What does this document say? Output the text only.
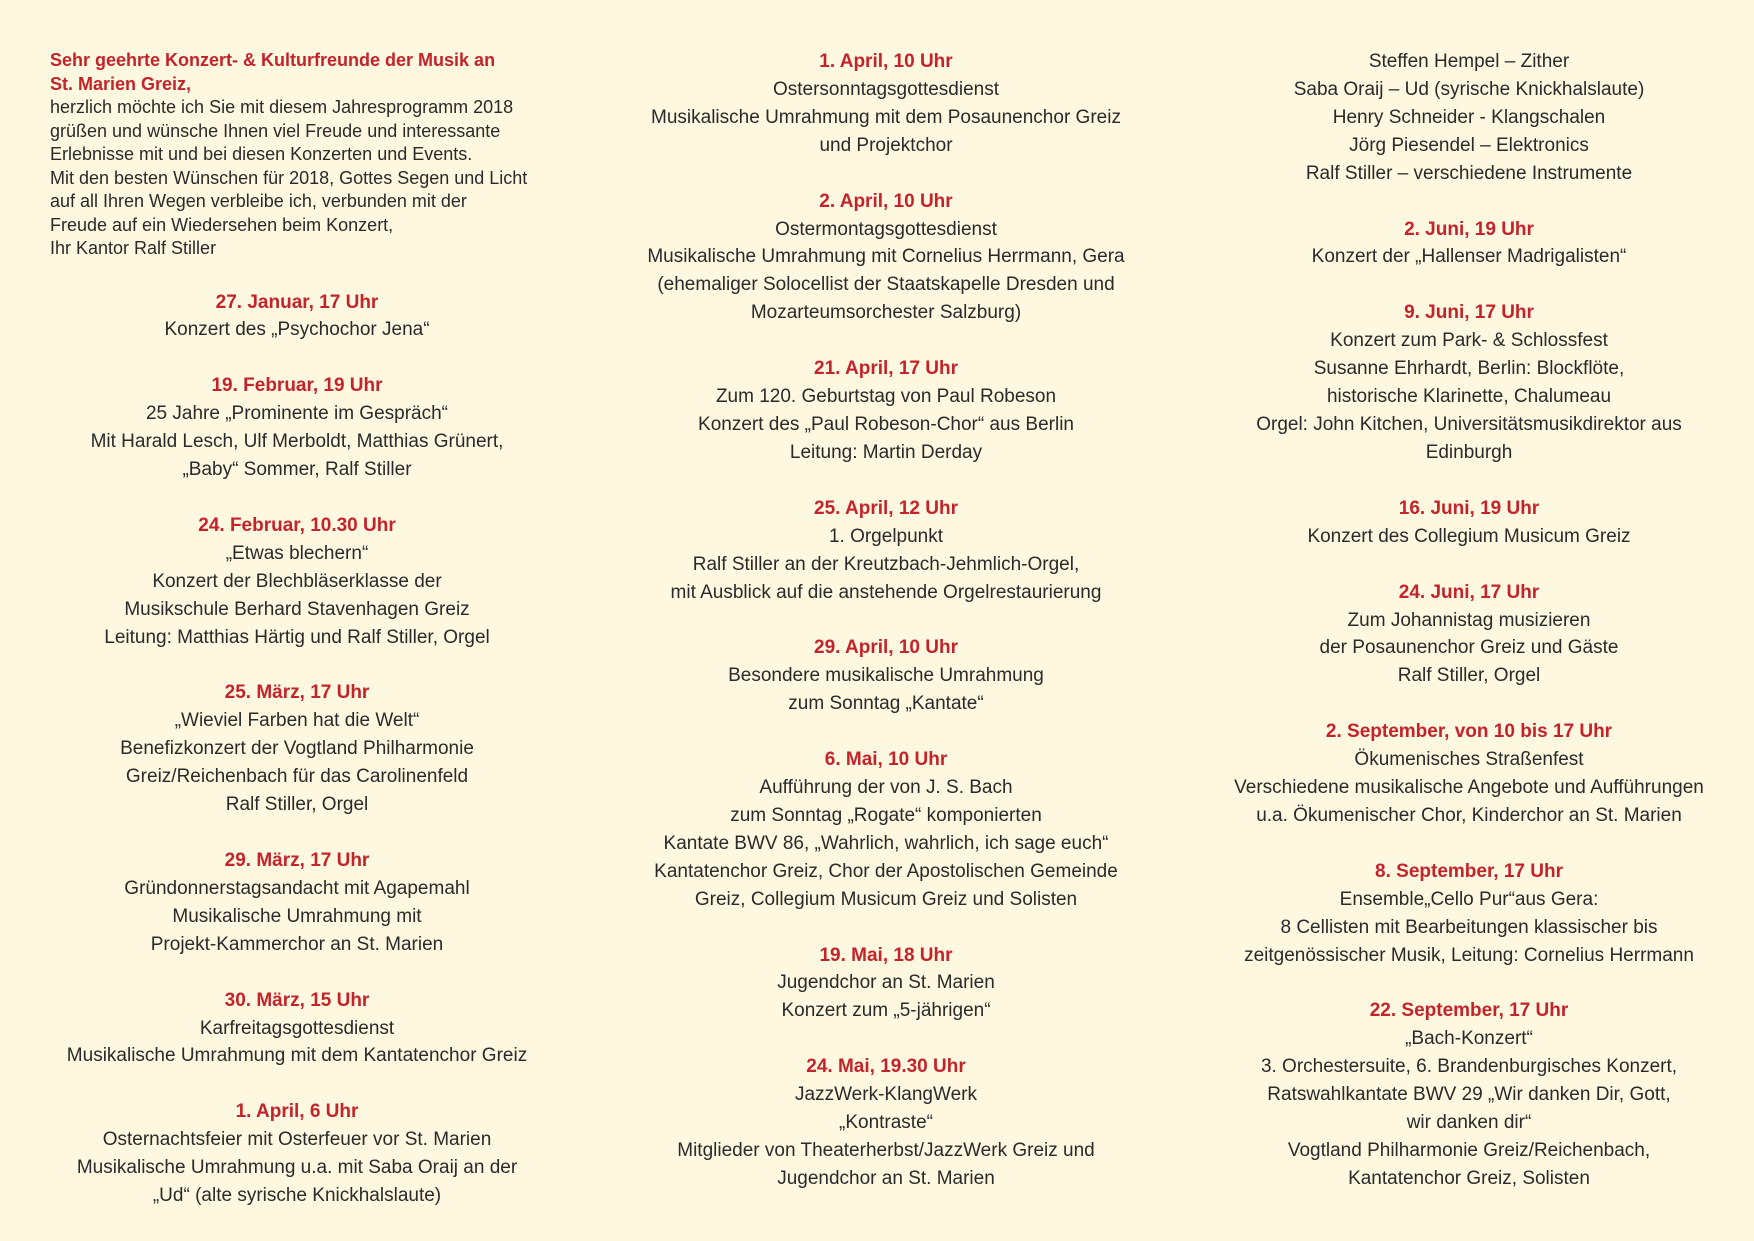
Sehr geehrte Konzert- & Kulturfreunde der Musik an
St. Marien Greiz,
herzlich möchte ich Sie mit diesem Jahresprogramm 2018
grüßen und wünsche Ihnen viel Freude und interessante
Erlebnisse mit und bei diesen Konzerten und Events.
Mit den besten Wünschen für 2018, Gottes Segen und Licht
auf all Ihren Wegen verbleibe ich, verbunden mit der
Freude auf ein Wiedersehen beim Konzert,
Ihr Kantor Ralf Stiller
27. Januar, 17 Uhr
Konzert des „Psychochor Jena“
19. Februar, 19 Uhr
25 Jahre „Prominente im Gespräch“
Mit Harald Lesch, Ulf Merboldt, Matthias Grünert,
„Baby“ Sommer, Ralf Stiller
24. Februar, 10.30 Uhr
„Etwas blechern“
Konzert der Blechbläserklasse der
Musikschule Berhard Stavenhagen Greiz
Leitung: Matthias Härtig und Ralf Stiller, Orgel
25. März, 17 Uhr
„Wieviel Farben hat die Welt“
Benefizkonzert der Vogtland Philharmonie
Greiz/Reichenbach für das Carolinenfeld
Ralf Stiller, Orgel
29. März, 17 Uhr
Gründonnerstagsandacht mit Agapemahl
Musikalische Umrahmung mit
Projekt-Kammerchor an St. Marien
30. März, 15 Uhr
Karfreitagsgottesdienst
Musikalische Umrahmung mit dem Kantatenchor Greiz
1. April, 6 Uhr
Osternachtsfeier mit Osterfeuer vor St. Marien
Musikalische Umrahmung u.a. mit Saba Oraij an der
„Ud“ (alte syrische Knickhalslaute)
1. April, 10 Uhr
Ostersonntagsgottesdienst
Musikalische Umrahmung mit dem Posaunenchor Greiz
und Projektchor
2. April, 10 Uhr
Ostermontagsgottesdienst
Musikalische Umrahmung mit Cornelius Herrmann, Gera
(ehemaliger Solocellist der Staatskapelle Dresden und
Mozarteumsorchester Salzburg)
21. April, 17 Uhr
Zum 120. Geburtstag von Paul Robeson
Konzert des „Paul Robeson-Chor“ aus Berlin
Leitung: Martin Derday
25. April, 12 Uhr
1. Orgelpunkt
Ralf Stiller an der Kreutzbach-Jehmlich-Orgel,
mit Ausblick auf die anstehende Orgelrestaurierung
29. April, 10 Uhr
Besondere musikalische Umrahmung
zum Sonntag „Kantate“
6. Mai, 10 Uhr
Aufführung der von J. S. Bach
zum Sonntag „Rogate“ komponierten
Kantate BWV 86, „Wahrlich, wahrlich, ich sage euch“
Kantatenchor Greiz, Chor der Apostolischen Gemeinde
Greiz, Collegium Musicum Greiz und Solisten
19. Mai, 18 Uhr
Jugendchor an St. Marien
Konzert zum „5-jährigen“
24. Mai, 19.30 Uhr
JazzWerk-KlangWerk
„Kontraste“
Mitglieder von Theaterherbst/JazzWerk Greiz und
Jugendchor an St. Marien
Steffen Hempel – Zither
Saba Oraij – Ud (syrische Knickhalslaute)
Henry Schneider - Klangschalen
Jörg Piesendel – Elektronics
Ralf Stiller – verschiedene Instrumente
2. Juni, 19 Uhr
Konzert der „Hallenser Madrigalisten“
9. Juni, 17 Uhr
Konzert zum Park- & Schlossfest
Susanne Ehrhardt, Berlin: Blockflöte,
historische Klarinette, Chalumeau
Orgel: John Kitchen, Universitätsmusikdirektor aus
Edinburgh
16. Juni, 19 Uhr
Konzert des Collegium Musicum Greiz
24. Juni, 17 Uhr
Zum Johannistag musizieren
der Posaunenchor Greiz und Gäste
Ralf Stiller, Orgel
2. September, von 10 bis 17 Uhr
Ökumenisches Straßenfest
Verschiedene musikalische Angebote und Aufführungen
u.a. Ökumenischer Chor, Kinderchor an St. Marien
8. September, 17 Uhr
Ensemble„Cello Pur“aus Gera:
8 Cellisten mit Bearbeitungen klassischer bis
zeitgenössischer Musik, Leitung: Cornelius Herrmann
22. September, 17 Uhr
„Bach-Konzert“
3. Orchestersuite, 6. Brandenburgisches Konzert,
Ratswahlkantate BWV 29 „Wir danken Dir, Gott,
wir danken dir“
Vogtland Philharmonie Greiz/Reichenbach,
Kantatenchor Greiz, Solisten
